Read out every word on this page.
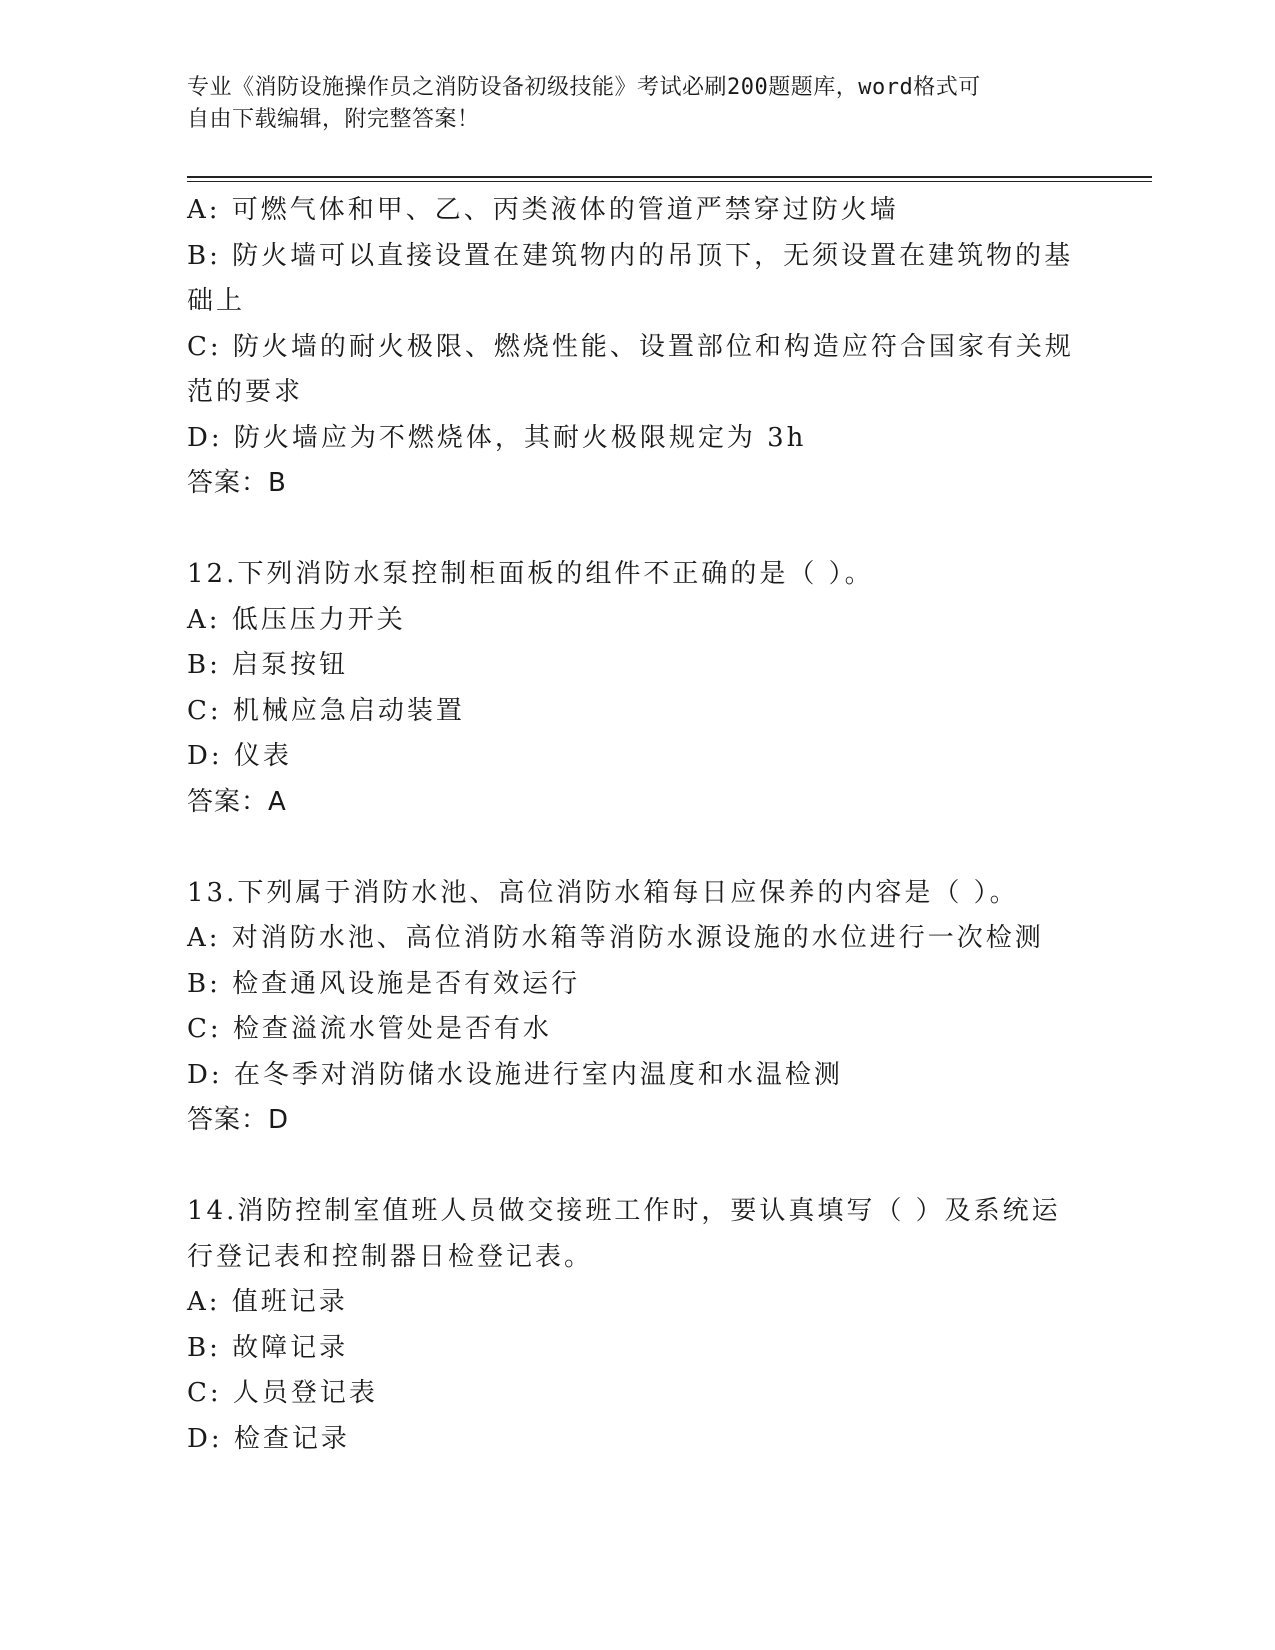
专业《消防设施操作员之消防设备初级技能》考试必刷200题题库，word格式可
自由下载编辑，附完整答案！

A: 可燃气体和甲、乙、丙类液体的管道严禁穿过防火墙

B: 防火墙可以直接设置在建筑物内的吊顶下，无须设置在建筑物的基

础上

C: 防火墙的耐火极限、燃烧性能、设置部位和构造应符合国家有关规

范的要求

D: 防火墙应为不燃烧体，其耐火极限规定为 3h

答案：B

12.下列消防水泵控制柜面板的组件不正确的是（ ）。

A: 低压压力开关

B: 启泵按钮

C: 机械应急启动装置

D: 仪表

答案：A

13.下列属于消防水池、高位消防水箱每日应保养的内容是（ ）。

A: 对消防水池、高位消防水箱等消防水源设施的水位进行一次检测

B: 检查通风设施是否有效运行

C: 检查溢流水管处是否有水

D: 在冬季对消防储水设施进行室内温度和水温检测

答案：D

14.消防控制室值班人员做交接班工作时，要认真填写（ ）及系统运

行登记表和控制器日检登记表。

A: 值班记录

B: 故障记录

C: 人员登记表

D: 检查记录
